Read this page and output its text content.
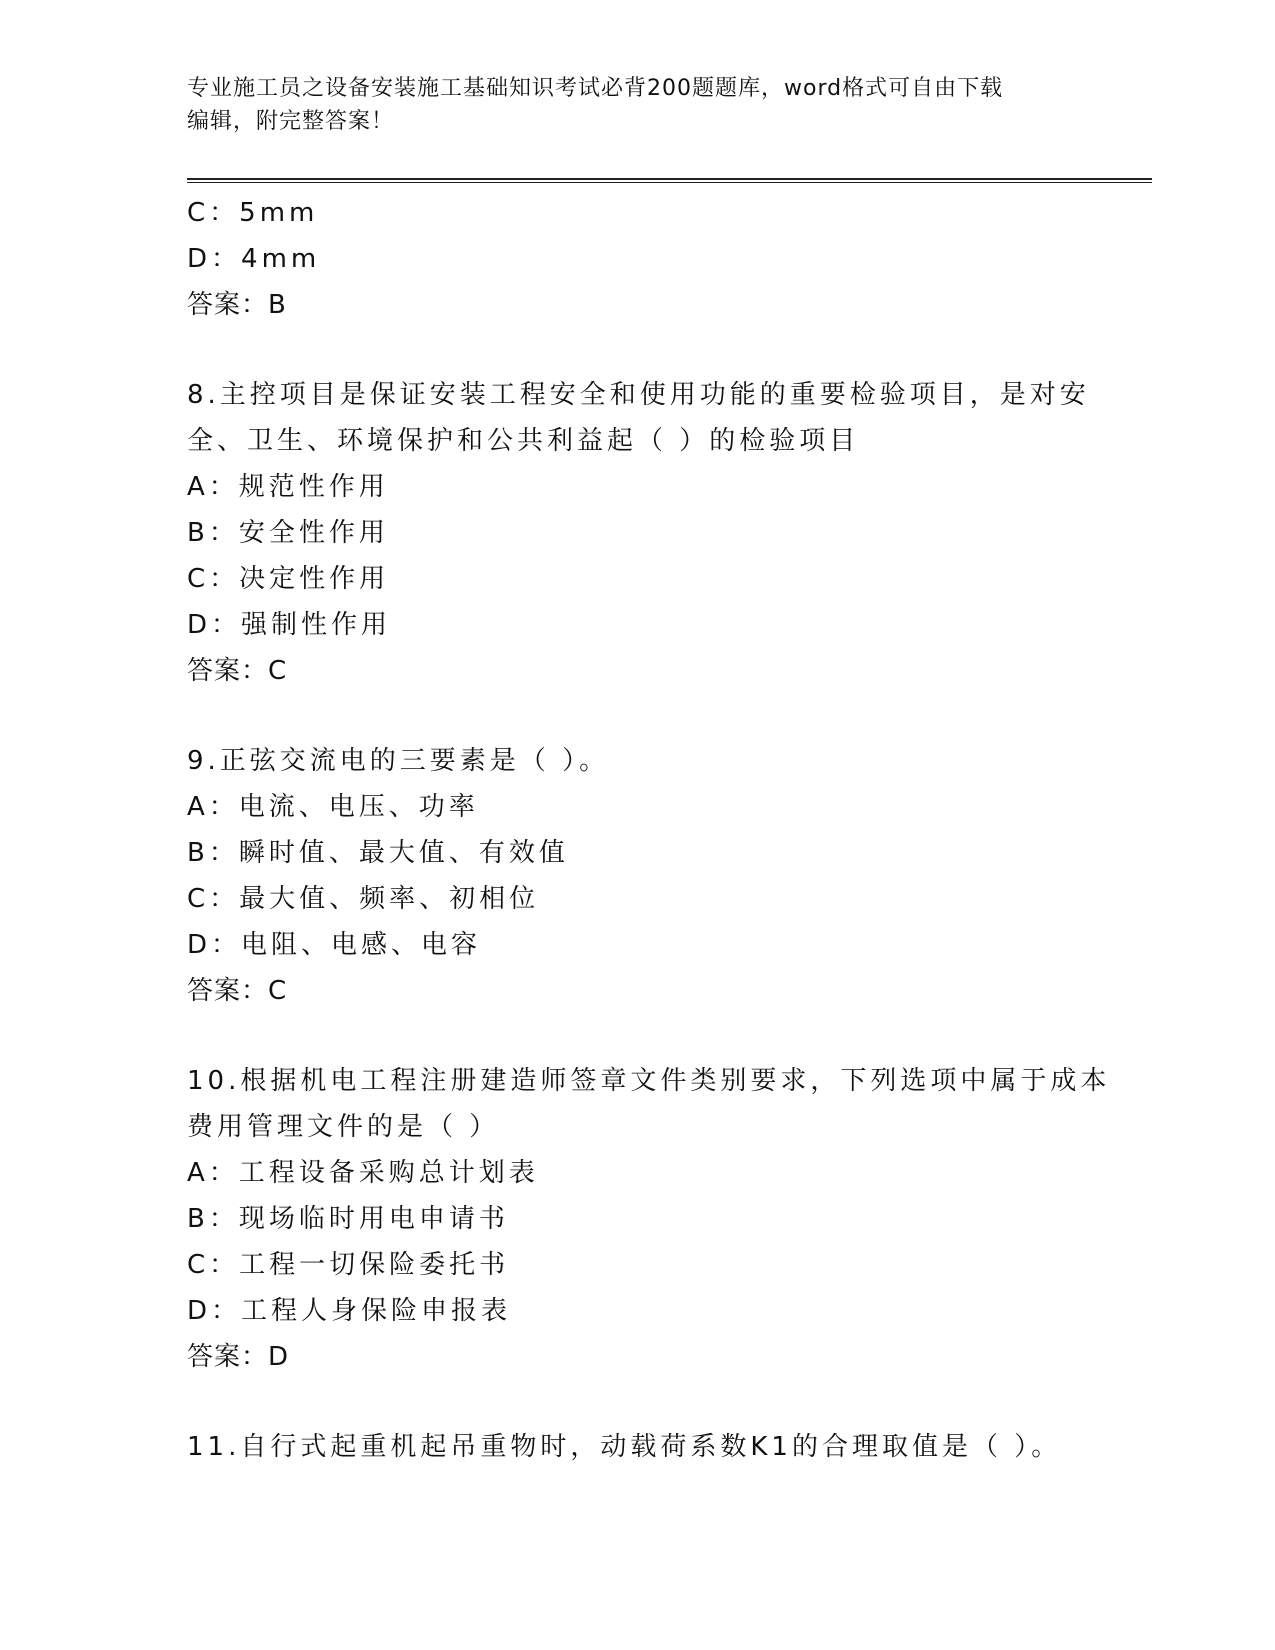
专业施工员之设备安装施工基础知识考试必背200题题库，word格式可自由下载
编辑，附完整答案！
C：5mm
D：4mm
答案：B
8.主控项目是保证安装工程安全和使用功能的重要检验项目，是对安
全、卫生、环境保护和公共利益起（ ）的检验项目
A：规范性作用
B：安全性作用
C：决定性作用
D：强制性作用
答案：C
9.正弦交流电的三要素是（ ）。
A：电流、电压、功率
B：瞬时值、最大值、有效值
C：最大值、频率、初相位
D：电阻、电感、电容
答案：C
10.根据机电工程注册建造师签章文件类别要求，下列选项中属于成本
费用管理文件的是（ ）
A：工程设备采购总计划表
B：现场临时用电申请书
C：工程一切保险委托书
D：工程人身保险申报表
答案：D
11.自行式起重机起吊重物时，动载荷系数K1的合理取值是（ ）。
